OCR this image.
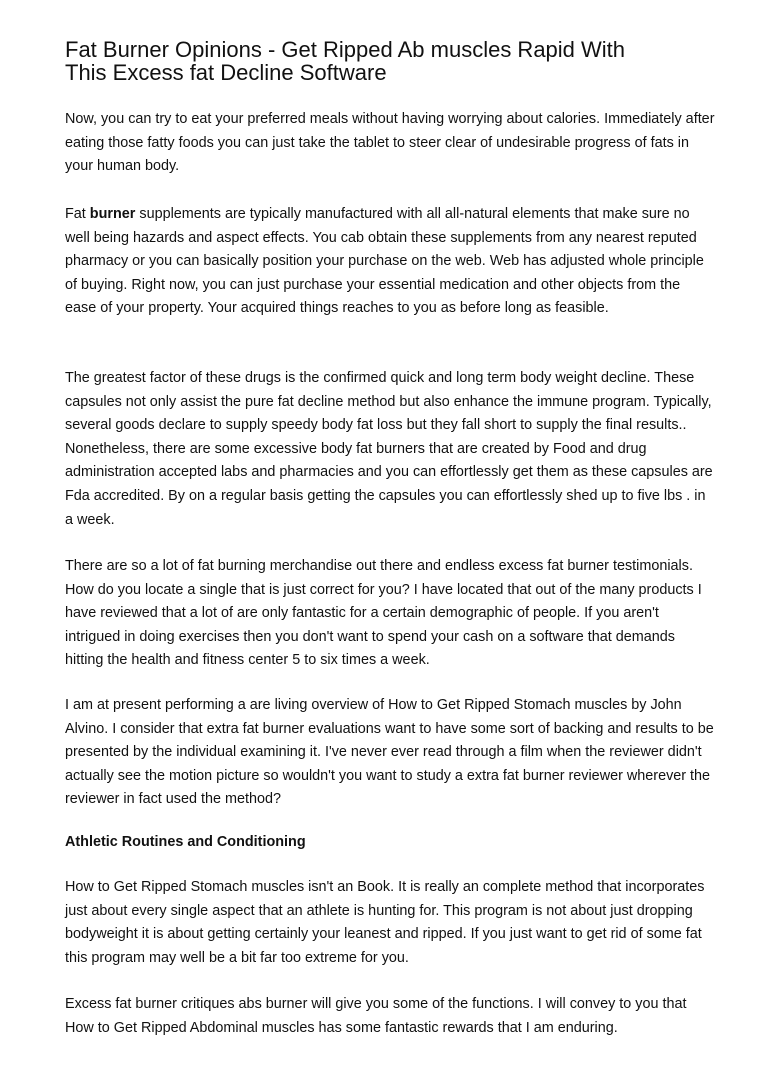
Fat Burner Opinions - Get Ripped Ab muscles Rapid With
This Excess fat Decline Software

Now, you can try to eat your preferred meals without having worrying about calories. Immediately after eating those fatty foods you can just take the tablet to steer clear of undesirable progress of fats in your human body.

Fat burner supplements are typically manufactured with all all-natural elements that make sure no well being hazards and aspect effects. You cab obtain these supplements from any nearest reputed pharmacy or you can basically position your purchase on the web. Web has adjusted whole principle of buying. Right now, you can just purchase your essential medication and other objects from the ease of your property. Your acquired things reaches to you as before long as feasible.

The greatest factor of these drugs is the confirmed quick and long term body weight decline. These capsules not only assist the pure fat decline method but also enhance the immune program. Typically, several goods declare to supply speedy body fat loss but they fall short to supply the final results.. Nonetheless, there are some excessive body fat burners that are created by Food and drug administration accepted labs and pharmacies and you can effortlessly get them as these capsules are Fda accredited. By on a regular basis getting the capsules you can effortlessly shed up to five lbs . in a week.

There are so a lot of fat burning merchandise out there and endless excess fat burner testimonials. How do you locate a single that is just correct for you? I have located that out of the many products I have reviewed that a lot of are only fantastic for a certain demographic of people. If you aren't intrigued in doing exercises then you don't want to spend your cash on a software that demands hitting the health and fitness center 5 to six times a week.

I am at present performing a are living overview of How to Get Ripped Stomach muscles by John Alvino. I consider that extra fat burner evaluations want to have some sort of backing and results to be presented by the individual examining it. I've never ever read through a film when the reviewer didn't actually see the motion picture so wouldn't you want to study a extra fat burner reviewer wherever the reviewer in fact used the method?

Athletic Routines and Conditioning

How to Get Ripped Stomach muscles isn't an Book. It is really an complete method that incorporates just about every single aspect that an athlete is hunting for. This program is not about just dropping bodyweight it is about getting certainly your leanest and ripped. If you just want to get rid of some fat this program may well be a bit far too extreme for you.

Excess fat burner critiques abs burner will give you some of the functions. I will convey to you that How to Get Ripped Abdominal muscles has some fantastic rewards that I am enduring.
